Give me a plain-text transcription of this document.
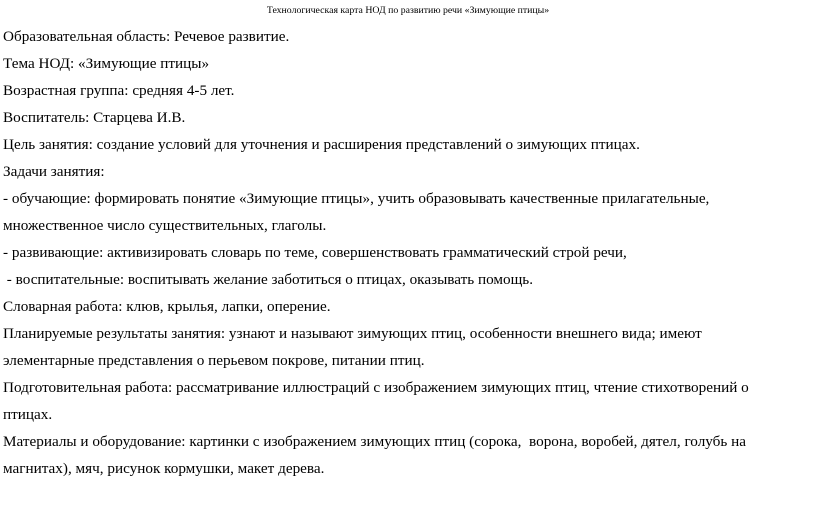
Технологическая карта НОД по развитию речи «Зимующие птицы»
Образовательная область: Речевое развитие.
Тема НОД: «Зимующие птицы»
Возрастная группа: средняя 4-5 лет.
Воспитатель: Старцева И.В.
Цель занятия: создание условий для уточнения и расширения представлений о зимующих птицах.
Задачи занятия:
- обучающие: формировать понятие «Зимующие птицы», учить образовывать качественные прилагательные,
множественное число существительных, глаголы.
- развивающие: активизировать словарь по теме, совершенствовать грамматический строй речи,
- воспитательные: воспитывать желание заботиться о птицах, оказывать помощь.
Словарная работа: клюв, крылья, лапки, оперение.
Планируемые результаты занятия: узнают и называют зимующих птиц, особенности внешнего вида; имеют
элементарные представления о перьевом покрове, питании птиц.
Подготовительная работа: рассматривание иллюстраций с изображением зимующих птиц, чтение стихотворений о
птицах.
Материалы и оборудование: картинки с изображением зимующих птиц (сорока,  ворона, воробей, дятел, голубь на
магнитах), мяч, рисунок кормушки, макет дерева.
